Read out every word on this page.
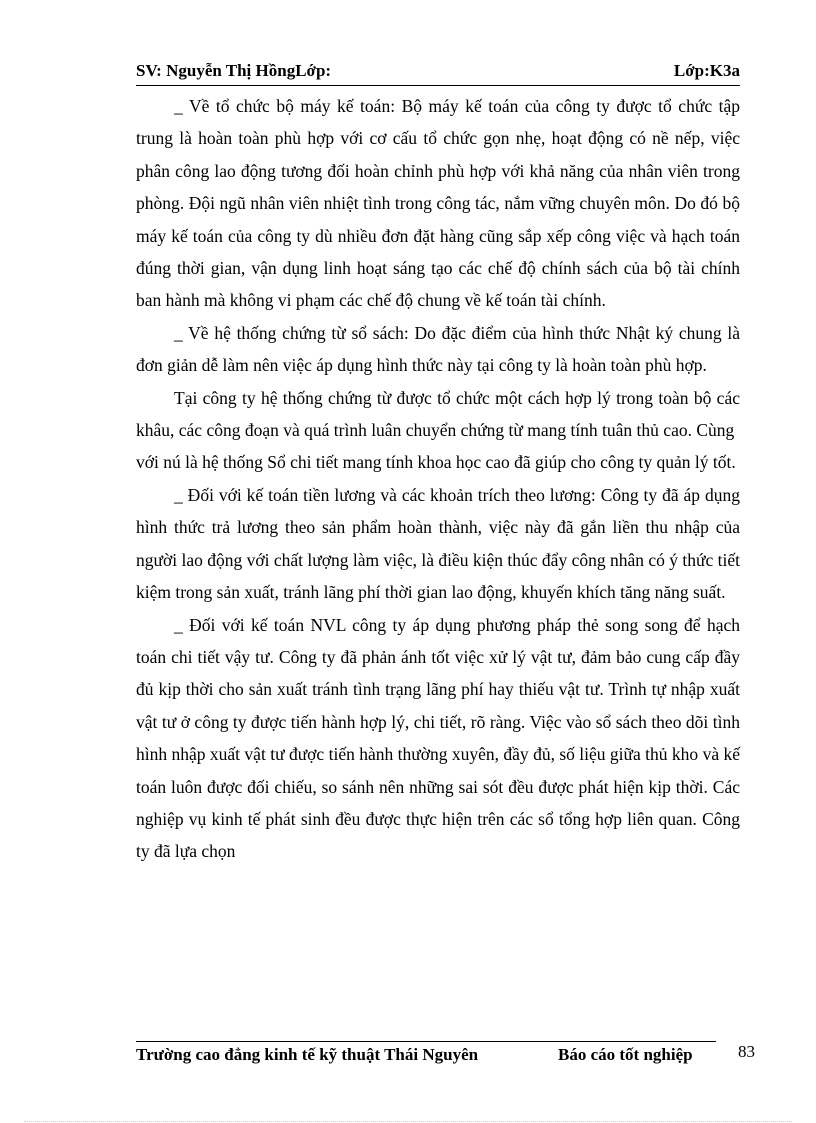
SV: Nguyễn Thị HồngLớp:	Lớp:K3a

_ Về tổ chức bộ máy kế toán: Bộ máy kế toán của công ty được tổ chức tập trung là hoàn toàn phù hợp với cơ cấu tổ chức gọn nhẹ, hoạt động có nề nếp, việc phân công lao động tương đối hoàn chỉnh phù hợp với khả năng của nhân viên trong phòng. Đội ngũ nhân viên nhiệt tình trong công tác, nắm vững chuyên môn. Do đó bộ máy kế toán của công ty dù nhiều đơn đặt hàng cũng sắp xếp công việc và hạch toán đúng thời gian, vận dụng linh hoạt sáng tạo các chế độ chính sách của bộ tài chính ban hành mà không vi phạm các chế độ chung về kế toán tài chính.

_ Về hệ thống chứng từ sổ sách: Do đặc điểm của hình thức Nhật ký chung là đơn giản dễ làm nên việc áp dụng hình thức này tại công ty là hoàn toàn phù hợp.

Tại công ty hệ thống chứng từ được tổ chức một cách hợp lý trong toàn bộ các khâu, các công đoạn và quá trình luân chuyển chứng từ mang tính tuân thủ cao. Cùng

với nú là hệ thống Sổ chi tiết mang tính khoa học cao đã giúp cho công ty quản lý tốt.

_ Đối với kế toán tiền lương và các khoản trích theo lương: Công ty đã áp dụng hình thức trả lương theo sản phẩm hoàn thành, việc này đã gắn liền thu nhập của người lao động với chất lượng làm việc, là điều kiện thúc đẩy công nhân có ý thức tiết kiệm trong sản xuất, tránh lãng phí thời gian lao động, khuyến khích tăng năng suất.

_ Đối với kế toán NVL công ty áp dụng phương pháp thẻ song song để hạch toán chi tiết vậy tư. Công ty đã phản ánh tốt việc xử lý vật tư, đảm bảo cung cấp đầy đủ kịp thời cho sản xuất tránh tình trạng lãng phí hay thiếu vật tư. Trình tự nhập xuất vật tư ở công ty được tiến hành hợp lý, chi tiết, rõ ràng. Việc vào sổ sách theo dõi tình hình nhập xuất vật tư được tiến hành thường xuyên, đầy đủ, số liệu giữa thủ kho và kế toán luôn được đối chiếu, so sánh nên những sai sót đều được phát hiện kịp thời. Các nghiệp vụ kinh tế phát sinh đều được thực hiện trên các sổ tổng hợp liên quan. Công ty đã lựa chọn

Trường cao đẳng kinh tế kỹ thuật Thái Nguyên	Báo cáo tốt nghiệp	83
